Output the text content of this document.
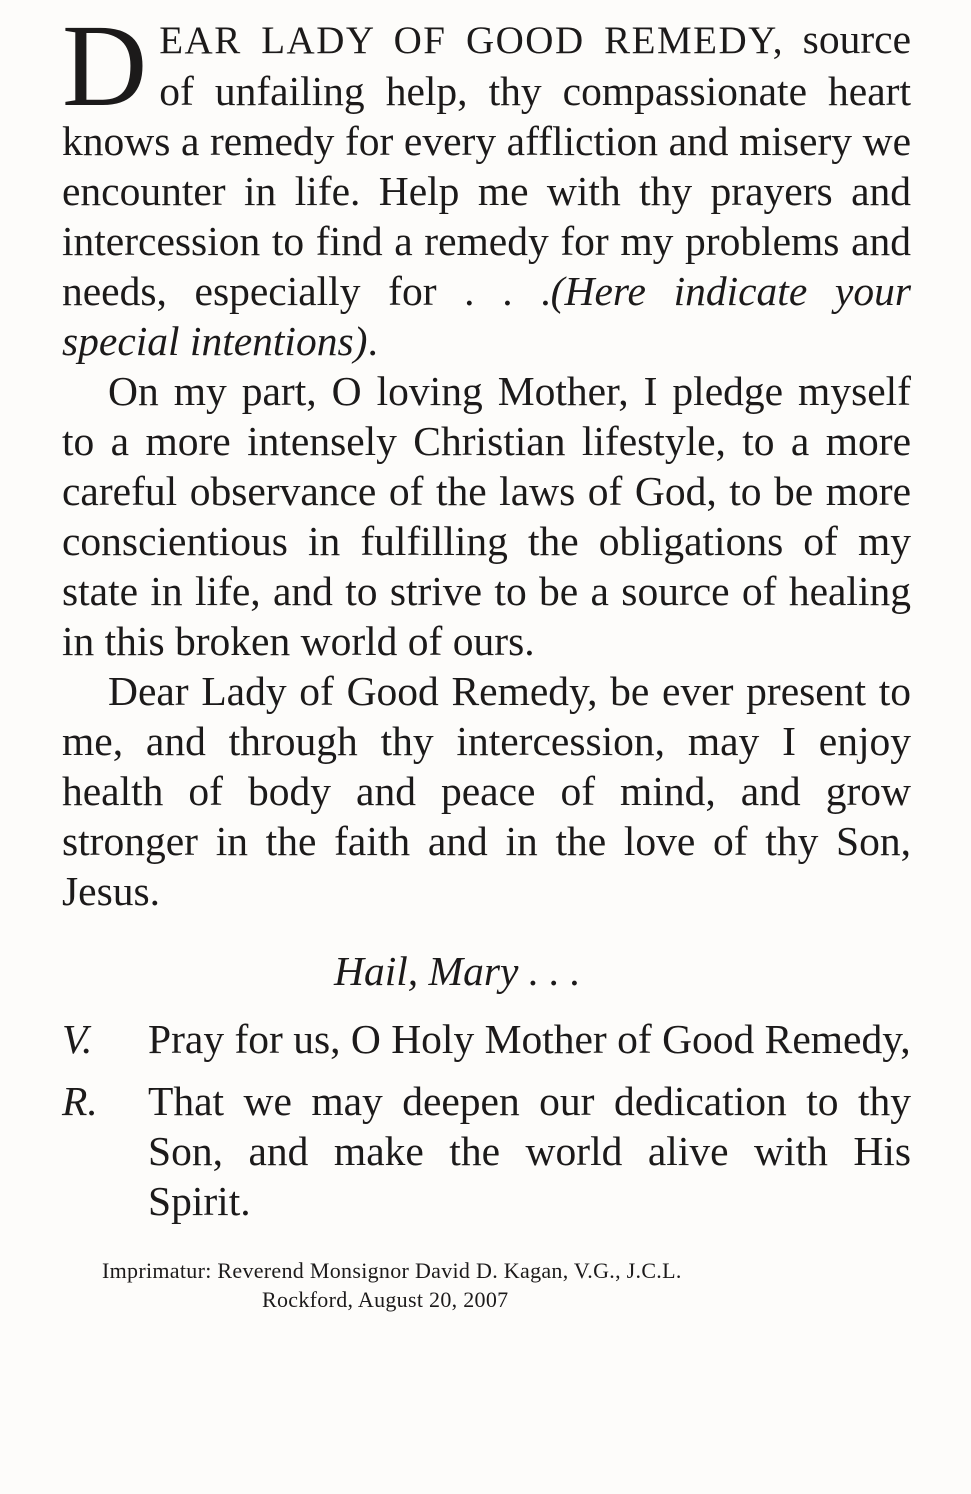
DEAR LADY OF GOOD REMEDY, source of unfailing help, thy compassionate heart knows a remedy for every affliction and misery we encounter in life. Help me with thy prayers and intercession to find a remedy for my problems and needs, especially for . . .(Here indicate your special intentions).

On my part, O loving Mother, I pledge myself to a more intensely Christian lifestyle, to a more careful observance of the laws of God, to be more conscientious in fulfilling the obligations of my state in life, and to strive to be a source of healing in this broken world of ours.

Dear Lady of Good Remedy, be ever present to me, and through thy intercession, may I enjoy health of body and peace of mind, and grow stronger in the faith and in the love of thy Son, Jesus.

Hail, Mary . . .
V.	Pray for us, O Holy Mother of Good Remedy,
R.	That we may deepen our dedication to thy Son, and make the world alive with His Spirit.
Imprimatur: Reverend Monsignor David D. Kagan, V.G., J.C.L.
Rockford, August 20, 2007
